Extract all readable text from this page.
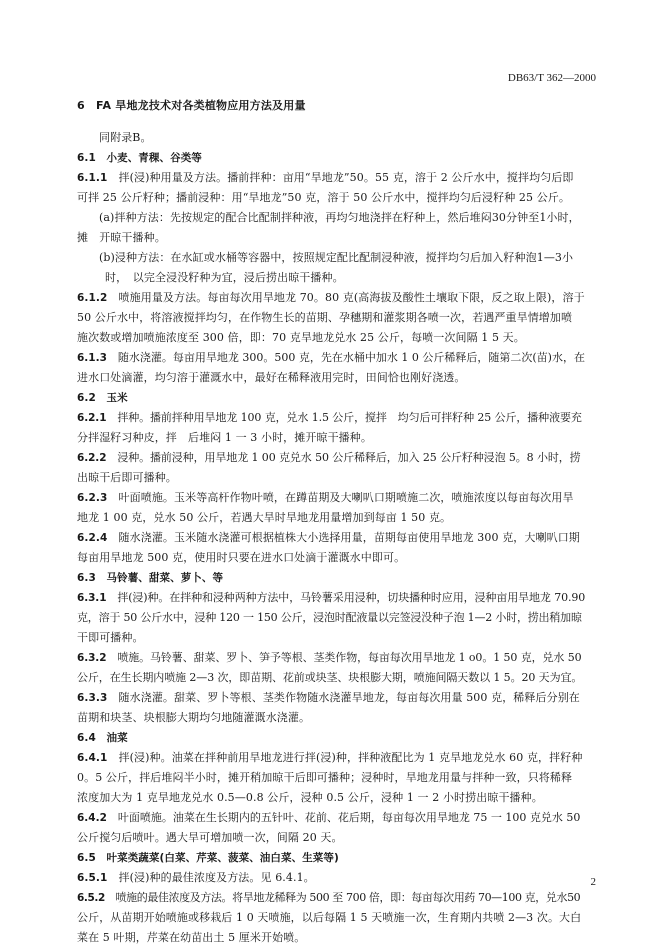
DB63/T 362—2000
6　FA 旱地龙技术对各类植物应用方法及用量
同附录B。
6.1　小麦、青稞、谷类等
6.1.1　 拌(浸)种用量及方法。播前拌种：亩用“旱地龙”50。55 克，溶于 2 公斤水中，搅拌均匀后即
可拌 25 公斤籽种；播前浸种：用“旱地龙”50 克，溶于 50 公斤水中，搅拌均匀后浸籽种 25 公斤。
(a)拌种方法：先按规定的配合比配制拌种液，再均匀地浇拌在籽种上，然后堆闷30分钟至1小时，
摊　开晾干播种。
(b)浸种方法：在水缸或水桶等容器中，按照规定配比配制浸种液，搅拌均匀后加入籽种泡1—3小
时，　以完全浸没籽种为宜，浸后捞出晾干播种。
6.1.2　 喷施用量及方法。每亩每次用旱地龙 70。80 克(高海拔及酸性土壤取下限，反之取上限)，溶于
50 公斤水中，将溶液搅拌均匀，在作物生长的苗期、孕穗期和灌浆期各喷一次，若遇严重旱情增加喷
施次数或增加喷施浓度至 300 倍，即：70 克旱地龙兑水 25 公斤，每喷一次间隔 1 5 天。
6.1.3　 随水浇灌。每亩用旱地龙 300。500 克，先在水桶中加水 1 0 公斤稀释后，随第二次(苗)水，在
进水口处滴灌，均匀溶于灌溉水中，最好在稀释液用完时，田间恰也刚好浇透。
6.2　玉米
6.2.1　 拌种。播前拌种用旱地龙 100 克，兑水 1.5 公斤，搅拌　均匀后可拌籽种 25 公斤，播种液要充
分拌湿籽习种皮，拌　后堆闷 1 一 3 小时，摊开晾干播种。
6.2.2　 浸种。播前浸种，用旱地龙 1 00 克兑水 50 公斤稀释后，加入 25 公斤籽种浸泡 5。8 小时，捞
出晾干后即可播种。
6.2.3　 叶面喷施。玉米等高杆作物叶喷，在蹲苗期及大喇叭口期喷施二次，喷施浓度以每亩每次用旱
地龙 1 00 克，兑水 50 公斤，若遇大旱时旱地龙用量增加到每亩 1 50 克。
6.2.4　 随水浇灌。玉米随水浇灌可根据植株大小选择用量，苗期每亩使用旱地龙 300 克，大喇叭口期
每亩用旱地龙 500 克，使用时只要在进水口处滴于灌溉水中即可。
6.3　马铃薯、甜菜、萝卜、等
6.3.1　 拌(浸)种。在拌种和浸种两种方法中，马铃薯采用浸种，切块播种时应用，浸种亩用旱地龙 70.90
克，溶于 50 公斤水中，浸种 120 一 150 公斤，浸泡时配液量以完签浸没种子泡 1—2 小时，捞出稍加晾
干即可播种。
6.3.2　 喷施。马铃薯、甜菜、罗卜、笋予等根、茎类作物，每亩每次用旱地龙 1 o0。1 50 克，兑水 50
公斤，在生长期内喷施 2—3 次，即苗期、花前或块茎、块根膨大期，喷施间隔天数以 1 5。20 天为宜。
6.3.3　 随水浇灌。甜菜、罗卜等根、茎类作物随水浇灌旱地龙，每亩每次用量 500 克，稀释后分别在
苗期和块茎、块根膨大期均匀地随灌溉水浇灌。
6.4　油菜
6.4.1　 拌(浸)种。油菜在拌种前用旱地龙进行拌(浸)种，拌种液配比为 1 克旱地龙兑水 60 克，拌籽种
0。5 公斤，拌后堆闷半小时，摊开稍加晾干后即可播种；浸种时，旱地龙用量与拌种一致，只将稀释
浓度加大为 1 克旱地龙兑水 0.5—0.8 公斤，浸种 0.5 公斤，浸种 1 一 2 小时捞出晾干播种。
6.4.2　 叶面喷施。油菜在生长期内的五针叶、花前、花后期，每亩每次用旱地龙 75 一 100 克兑水 50
公斤搅匀后喷叶。遇大旱可增加喷一次，间隔 20 天。
6.5　叶菜类蔬菜(白菜、芹菜、菠菜、油白菜、生菜等)
6.5.1　 拌(浸)种的最佳浓度及方法。见 6.4.1。
6.5.2　 喷施的最佳浓度及方法。将旱地龙稀释为 500 至 700 倍，即：每亩每次用药 70—100 克，兑水50
公斤，从苗期开始喷施或移栽后 1 0 天喷施，以后每隔 1 5 天喷施一次，生育期内共喷 2—3 次。大白
菜在 5 叶期，芹菜在幼苗出土 5 厘米开始喷。
2
